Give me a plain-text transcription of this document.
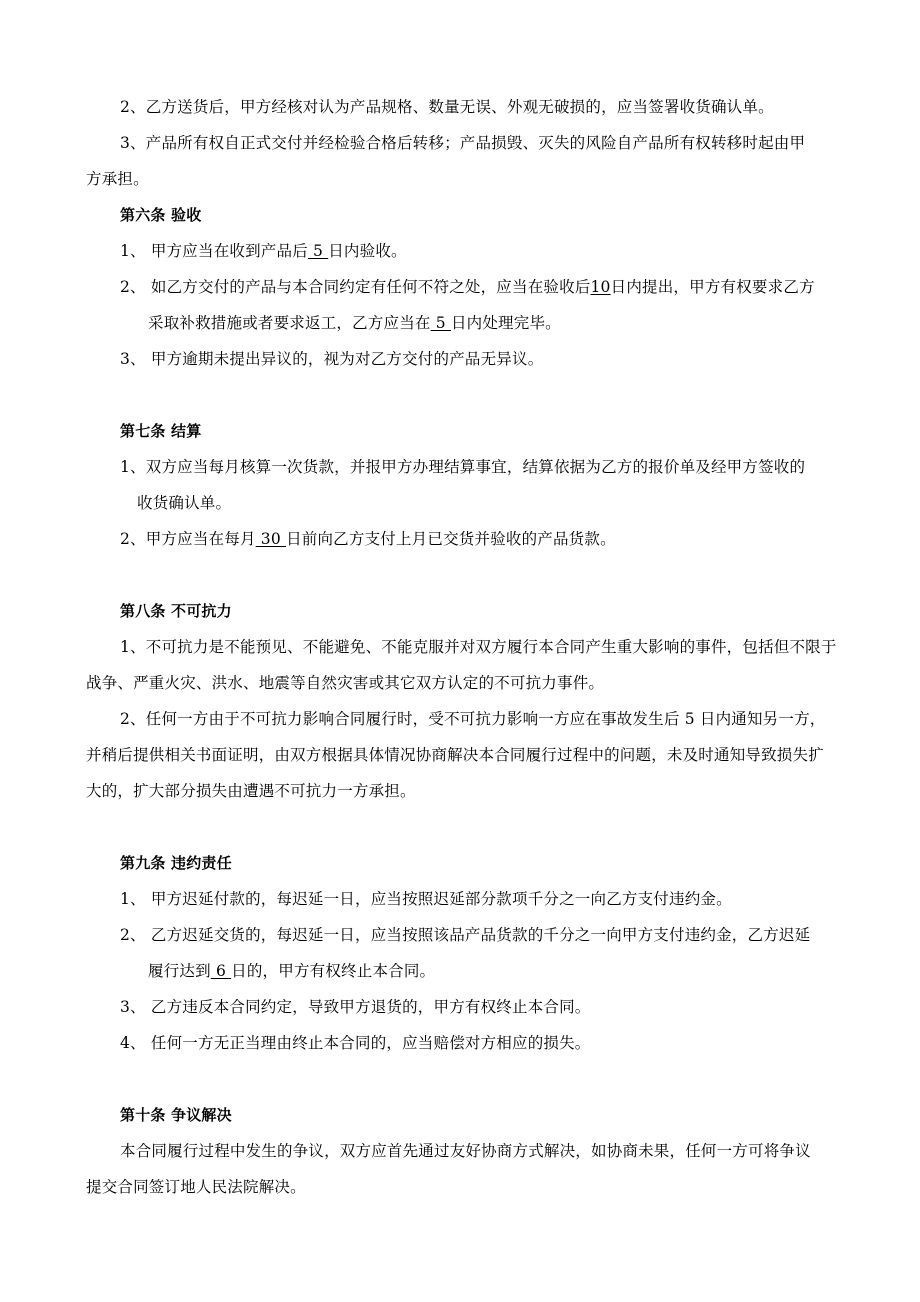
2、乙方送货后，甲方经核对认为产品规格、数量无误、外观无破损的，应当签署收货确认单。
3、产品所有权自正式交付并经检验合格后转移；产品损毁、灭失的风险自产品所有权转移时起由甲
方承担。
第六条 验收
1、 甲方应当在收到产品后 5 日内验收。
2、 如乙方交付的产品与本合同约定有任何不符之处，应当在验收后10日内提出，甲方有权要求乙方
采取补救措施或者要求返工，乙方应当在 5 日内处理完毕。
3、 甲方逾期未提出异议的，视为对乙方交付的产品无异议。
第七条 结算
1、双方应当每月核算一次货款，并报甲方办理结算事宜，结算依据为乙方的报价单及经甲方签收的
收货确认单。
2、甲方应当在每月 30 日前向乙方支付上月已交货并验收的产品货款。
第八条 不可抗力
1、不可抗力是不能预见、不能避免、不能克服并对双方履行本合同产生重大影响的事件，包括但不限于
战争、严重火灾、洪水、地震等自然灾害或其它双方认定的不可抗力事件。
2、任何一方由于不可抗力影响合同履行时，受不可抗力影响一方应在事故发生后 5 日内通知另一方，
并稍后提供相关书面证明，由双方根据具体情况协商解决本合同履行过程中的问题，未及时通知导致损失扩
大的，扩大部分损失由遭遇不可抗力一方承担。
第九条 违约责任
1、 甲方迟延付款的，每迟延一日，应当按照迟延部分款项千分之一向乙方支付违约金。
2、 乙方迟延交货的，每迟延一日，应当按照该品产品货款的千分之一向甲方支付违约金，乙方迟延
履行达到 6 日的，甲方有权终止本合同。
3、 乙方违反本合同约定，导致甲方退货的，甲方有权终止本合同。
4、 任何一方无正当理由终止本合同的，应当赔偿对方相应的损失。
第十条 争议解决
本合同履行过程中发生的争议，双方应首先通过友好协商方式解决，如协商未果，任何一方可将争议
提交合同签订地人民法院解决。
